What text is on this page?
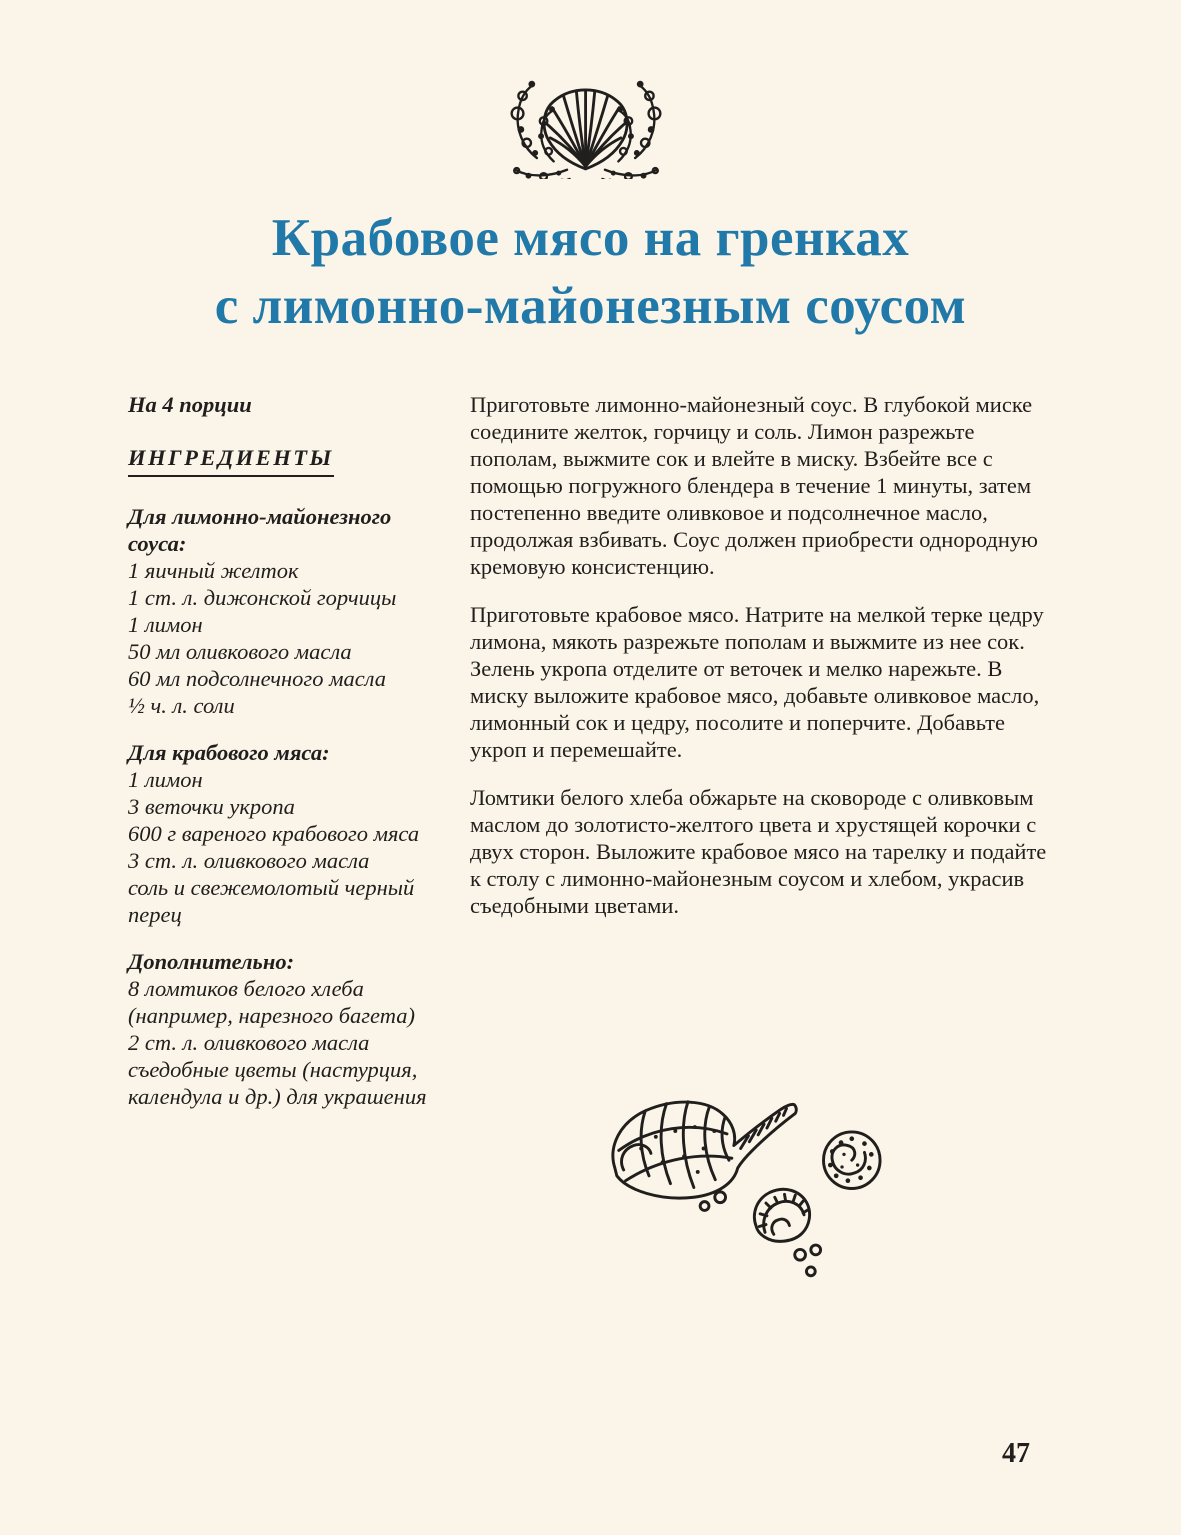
Крабовое мясо на гренках
с лимонно-майонезным соусом
На 4 порции
ИНГРЕДИЕНТЫ
Для лимонно-майонезного соуса:
1 яичный желток
1 ст. л. дижонской горчицы
1 лимон
50 мл оливкового масла
60 мл подсолнечного масла
½ ч. л. соли
Для крабового мяса:
1 лимон
3 веточки укропа
600 г вареного крабового мяса
3 ст. л. оливкового масла
соль и свежемолотый черный перец
Дополнительно:
8 ломтиков белого хлеба (например, нарезного багета)
2 ст. л. оливкового масла
съедобные цветы (настурция, календула и др.) для украшения

Приготовьте лимонно-майонезный соус. В глубокой миске соедините желток, горчицу и соль. Лимон разрежьте пополам, выжмите сок и влейте в миску. Взбейте все с помощью погружного блендера в течение 1 минуты, затем постепенно введите оливковое и подсолнечное масло, продолжая взбивать. Соус должен приобрести однородную кремовую консистенцию.

Приготовьте крабовое мясо. Натрите на мелкой терке цедру лимона, мякоть разрежьте пополам и выжмите из нее сок. Зелень укропа отделите от веточек и мелко нарежьте. В миску выложите крабовое мясо, добавьте оливковое масло, лимонный сок и цедру, посолите и поперчите. Добавьте укроп и перемешайте.

Ломтики белого хлеба обжарьте на сковороде с оливковым маслом до золотисто-желтого цвета и хрустящей корочки с двух сторон. Выложите крабовое мясо на тарелку и подайте к столу с лимонно-майонезным соусом и хлебом, украсив съедобными цветами.

47
